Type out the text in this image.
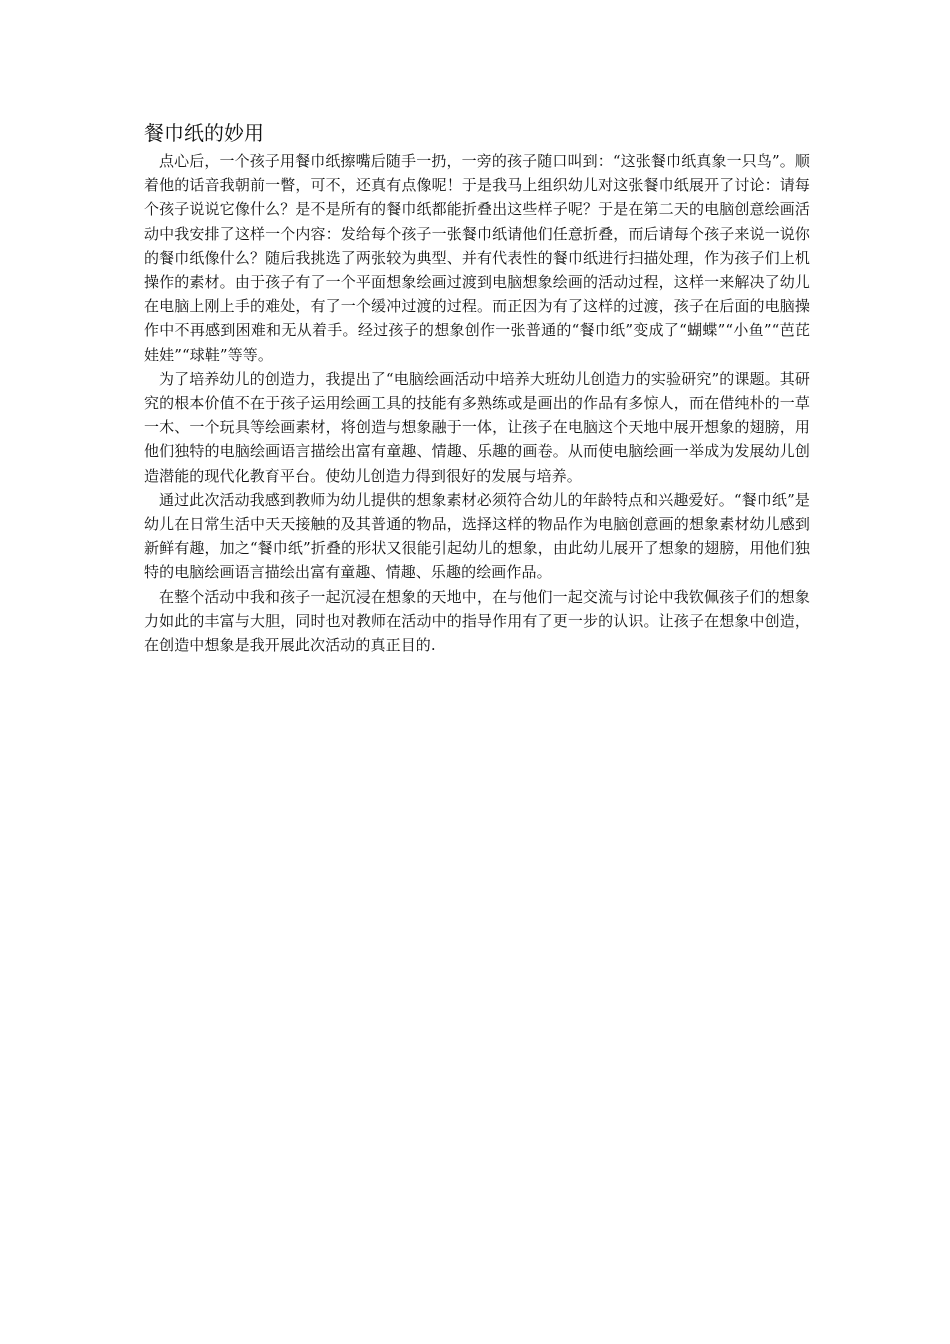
餐巾纸的妙用

点心后，一个孩子用餐巾纸擦嘴后随手一扔，一旁的孩子随口叫到：“这张餐巾纸真象一只鸟”。顺着他的话音我朝前一瞥，可不，还真有点像呢！于是我马上组织幼儿对这张餐巾纸展开了讨论：请每个孩子说说它像什么？是不是所有的餐巾纸都能折叠出这些样子呢？于是在第二天的电脑创意绘画活动中我安排了这样一个内容：发给每个孩子一张餐巾纸请他们任意折叠，而后请每个孩子来说一说你的餐巾纸像什么？随后我挑选了两张较为典型、并有代表性的餐巾纸进行扫描处理，作为孩子们上机操作的素材。由于孩子有了一个平面想象绘画过渡到电脑想象绘画的活动过程，这样一来解决了幼儿在电脑上刚上手的难处，有了一个缓冲过渡的过程。而正因为有了这样的过渡，孩子在后面的电脑操作中不再感到困难和无从着手。经过孩子的想象创作一张普通的“餐巾纸”变成了“蝴蝶”“小鱼”“芭芘娃娃”“球鞋”等等。

为了培养幼儿的创造力，我提出了“电脑绘画活动中培养大班幼儿创造力的实验研究”的课题。其研究的根本价值不在于孩子运用绘画工具的技能有多熟练或是画出的作品有多惊人，而在借纯朴的一草一木、一个玩具等绘画素材，将创造与想象融于一体，让孩子在电脑这个天地中展开想象的翅膀，用他们独特的电脑绘画语言描绘出富有童趣、情趣、乐趣的画卷。从而使电脑绘画一举成为发展幼儿创造潜能的现代化教育平台。使幼儿创造力得到很好的发展与培养。

通过此次活动我感到教师为幼儿提供的想象素材必须符合幼儿的年龄特点和兴趣爱好。“餐巾纸”是幼儿在日常生活中天天接触的及其普通的物品，选择这样的物品作为电脑创意画的想象素材幼儿感到新鲜有趣，加之“餐巾纸”折叠的形状又很能引起幼儿的想象，由此幼儿展开了想象的翅膀，用他们独特的电脑绘画语言描绘出富有童趣、情趣、乐趣的绘画作品。

在整个活动中我和孩子一起沉浸在想象的天地中，在与他们一起交流与讨论中我钦佩孩子们的想象力如此的丰富与大胆，同时也对教师在活动中的指导作用有了更一步的认识。让孩子在想象中创造，在创造中想象是我开展此次活动的真正目的.
